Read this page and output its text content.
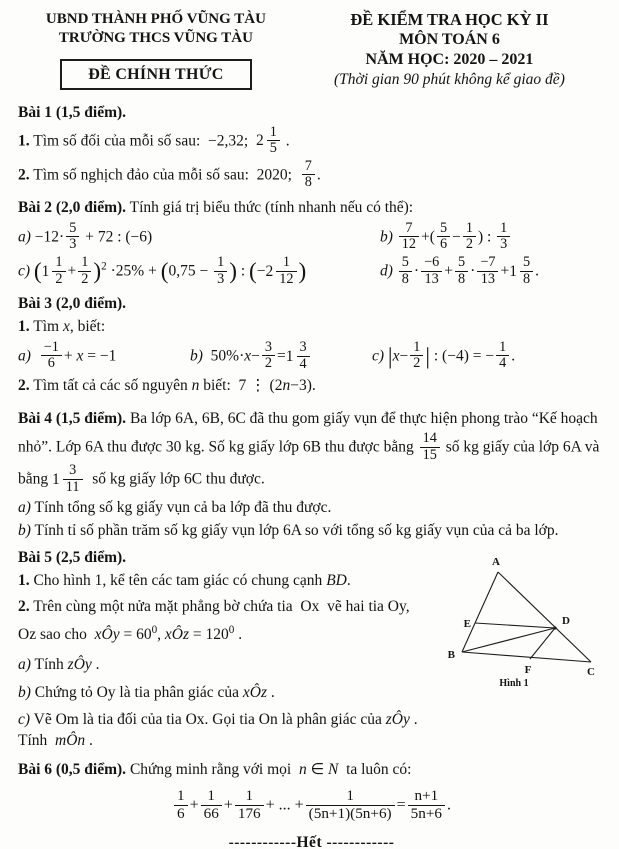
UBND THÀNH PHỐ VŨNG TÀU
TRƯỜNG THCS VŨNG TÀU
ĐỀ CHÍNH THỨC
ĐỀ KIỂM TRA HỌC KỲ II
MÔN TOÁN 6
NĂM HỌC: 2020 – 2021
(Thời gian 90 phút không kể giao đề)
Bài 1 (1,5 điểm).
1. Tìm số đối của mỗi số sau:  −2,32; $2 \frac{1}{5}$ .
2. Tìm số nghịch đảo của mỗi số sau:  2020; $\frac{7}{8}$ .
Bài 2 (2,0 điểm). Tính giá trị biểu thức (tính nhanh nếu có thể):
$a) -12\cdot \frac{5}{3} + 72$ : (−6)	$b) \frac{7}{12}$ +( $\frac{5}{6} - \frac{1}{2}$ ) : $\frac{1}{3}$
c) ( $1 \frac{1}{2} + \frac{1}{2} )^2 \cdot 25\% + (0,75 - \frac{1}{3}$ ) : (− $2 \frac{1}{12}$ )	$d) \frac{5}{8} \cdot \frac{-6}{13} + \frac{5}{8} \cdot \frac{-7}{13} + 1 \frac{5}{8}$ .
Bài 3 (2,0 điểm).
1. Tìm x, biết:
$a) \frac{-1}{6} + x = -1$	b)  $50\%\cdot x- \frac{3}{2} = 1 \frac{3}{4}$	c) $|x- \frac{1}{2}$ | : (−4) = − $\frac{1}{4}$ .
2. Tìm tất cả các số nguyên n biết:  7 ⋮ (2n−3).
Bài 4 (1,5 điểm). Ba lớp 6A, 6B, 6C đã thu gom giấy vụn để thực hiện phong trào “Kế hoạch nhỏ”. Lớp 6A thu được 30 kg. Số kg giấy lớp 6B thu được bằng $\frac{14}{15}$ số kg giấy của lớp 6A và bằng $1 \frac{3}{11}$ số kg giấy lớp 6C thu được.
a) Tính tổng số kg giấy vụn cả ba lớp đã thu được.
b) Tính tỉ số phần trăm số kg giấy vụn lớp 6A so với tổng số kg giấy vụn của cả ba lớp.
Bài 5 (2,5 điểm).
1. Cho hình 1, kể tên các tam giác có chung cạnh BD.
2. Trên cùng một nửa mặt phẳng bờ chứa tia  Ox  vẽ hai tia Oy,
Oz sao cho  xÔy = $60^0$, xÔz = $120^0$ .
a) Tính zÔy .
b) Chứng tỏ Oy là tia phân giác của xÔz .
c) Vẽ Om là tia đối của tia Ox. Gọi tia On là phân giác của zÔy . Tính  mÔn .
A
E
B
D
F	C
Hình 1
Bài 6 (0,5 điểm). Chứng minh rằng với mọi  n ∈ N  ta luôn có:
$\frac{1}{6} + \frac{1}{66} + \frac{1}{176}$ + ... + $\frac{1}{(5n+1)(5n+6)} = \frac{n+1}{5n+6}$ .
------------Hết ------------
